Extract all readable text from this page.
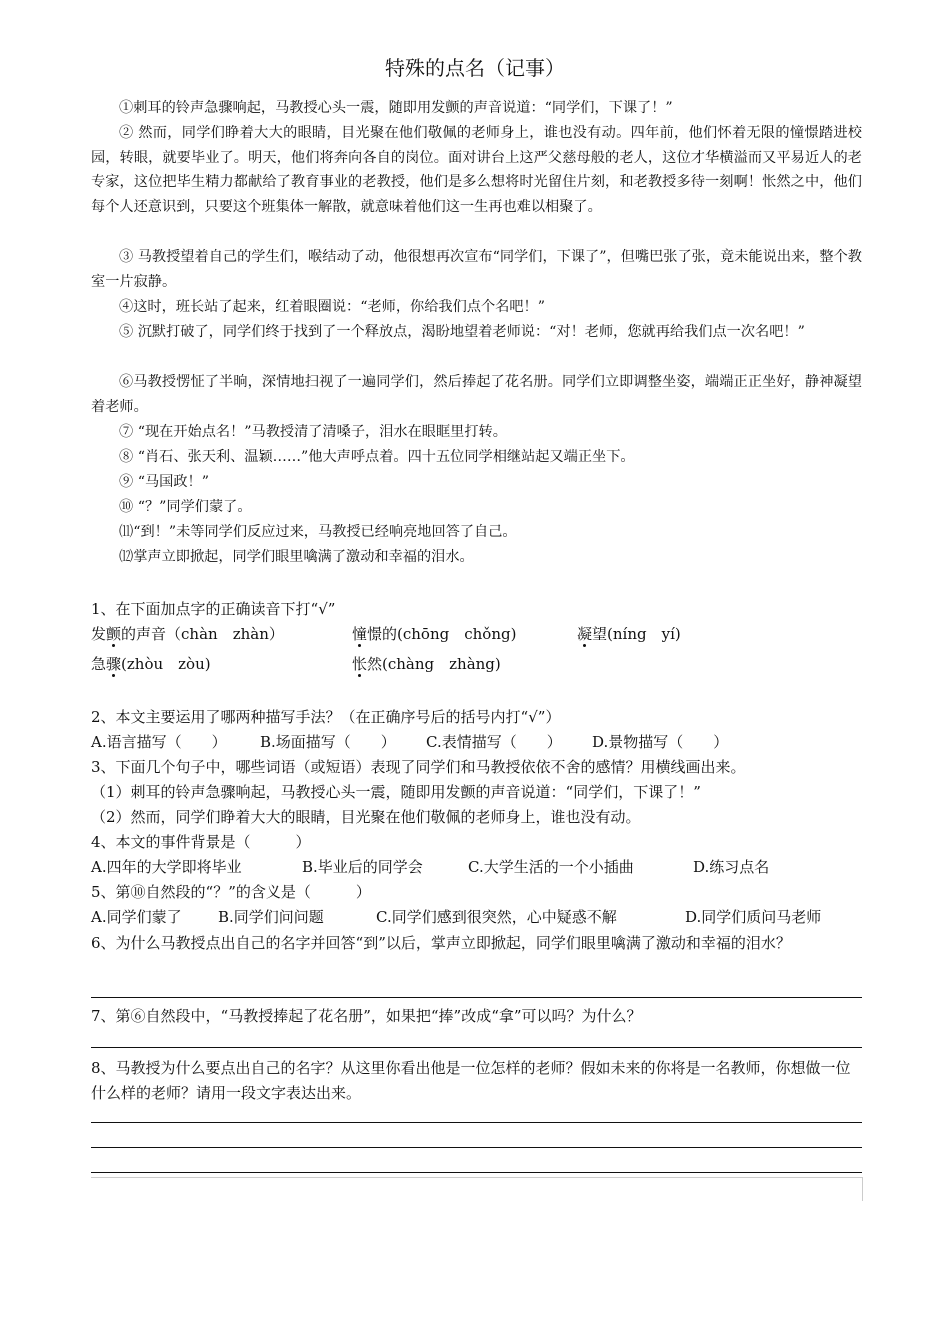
特殊的点名（记事）
①刺耳的铃声急骤响起，马教授心头一震，随即用发颤的声音说道：“同学们，下课了！”
② 然而，同学们睁着大大的眼睛，目光聚在他们敬佩的老师身上，谁也没有动。四年前，他们怀着无限的憧憬踏进校园，转眼，就要毕业了。明天，他们将奔向各自的岗位。面对讲台上这严父慈母般的老人，这位才华横溢而又平易近人的老专家，这位把毕生精力都献给了教育事业的老教授，他们是多么想将时光留住片刻，和老教授多待一刻啊！怅然之中，他们每个人还意识到，只要这个班集体一解散，就意味着他们这一生再也难以相聚了。
③ 马教授望着自己的学生们，喉结动了动，他很想再次宣布“同学们，下课了”，但嘴巴张了张，竟未能说出来，整个教室一片寂静。
④这时，班长站了起来，红着眼圈说：“老师，你给我们点个名吧！”
⑤ 沉默打破了，同学们终于找到了一个释放点，渴盼地望着老师说：“对！老师，您就再给我们点一次名吧！”
⑥马教授愣怔了半晌，深情地扫视了一遍同学们，然后捧起了花名册。同学们立即调整坐姿，端端正正坐好，静神凝望着老师。
⑦ “现在开始点名！”马教授清了清嗓子，泪水在眼眶里打转。
⑧ “肖石、张天利、温颖……”他大声呼点着。四十五位同学相继站起又端正坐下。
⑨ “马国政！”
⑩ “？”同学们蒙了。
⑾“到！”未等同学们反应过来，马教授已经响亮地回答了自己。
⑿掌声立即掀起，同学们眼里噙满了激动和幸福的泪水。
1、在下面加点字的正确读音下打“√”
发颤的声音（chàn　zhàn）	憧憬的(chōng　chǒng)	凝望(níng　yí)
急骤(zhòu　zòu)	怅然(chàng　zhàng)
2、本文主要运用了哪两种描写手法？（在正确序号后的括号内打“√”）
A.语言描写（　　） B.场面描写（　　） C.表情描写（　　） D.景物描写（　　）
3、下面几个句子中，哪些词语（或短语）表现了同学们和马教授依依不舍的感情？用横线画出来。
（1）刺耳的铃声急骤响起，马教授心头一震，随即用发颤的声音说道：“同学们，下课了！”
（2）然而，同学们睁着大大的眼睛，目光聚在他们敬佩的老师身上，谁也没有动。
4、本文的事件背景是（　　　）
A.四年的大学即将毕业	B.毕业后的同学会	C.大学生活的一个小插曲	D.练习点名
5、第⑩自然段的“？”的含义是（　　　）
A.同学们蒙了 B.同学们问问题	C.同学们感到很突然，心中疑惑不解	D.同学们质问马老师
6、为什么马教授点出自己的名字并回答“到”以后，掌声立即掀起，同学们眼里噙满了激动和幸福的泪水？
7、第⑥自然段中，“马教授捧起了花名册”，如果把“捧”改成“拿”可以吗？为什么？
8、马教授为什么要点出自己的名字？从这里你看出他是一位怎样的老师？假如未来的你将是一名教师，你想做一位什么样的老师？请用一段文字表达出来。
